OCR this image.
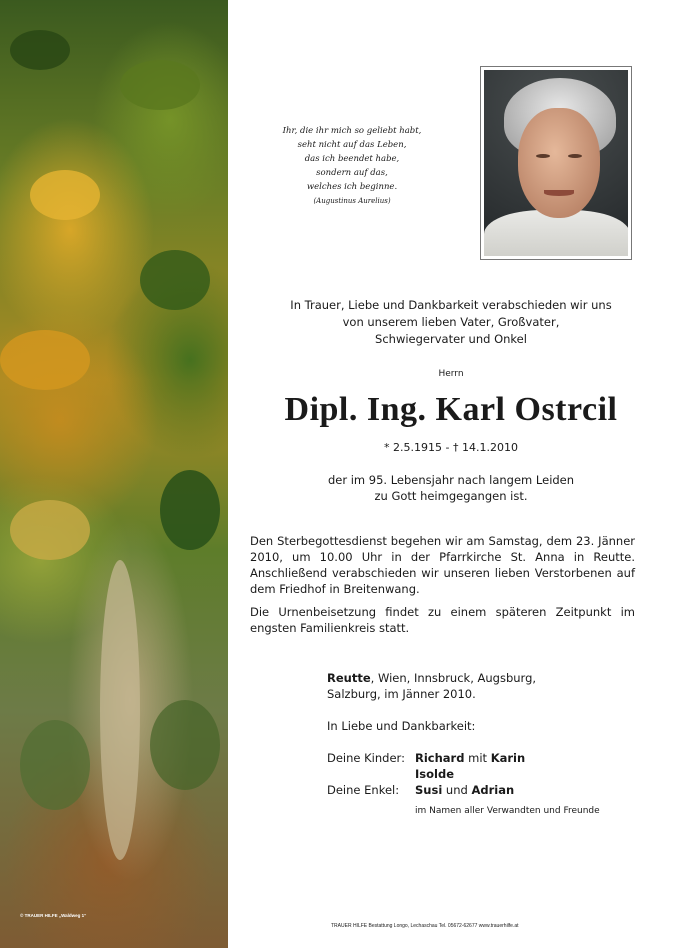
© TRAUER HILFE „Waldweg 1“
Ihr, die ihr mich so geliebt habt,
seht nicht auf das Leben,
das ich beendet habe,
sondern auf das,
welches ich beginne.
(Augustinus Aurelius)
In Trauer, Liebe und Dankbarkeit verabschieden wir uns
von unserem lieben Vater, Großvater,
Schwiegervater und Onkel
Herrn
Dipl. Ing. Karl Ostrcil
* 2.5.1915 - † 14.1.2010
der im 95. Lebensjahr nach langem Leiden
zu Gott heimgegangen ist.
Den Sterbegottesdienst begehen wir am Samstag, dem 23. Jänner 2010, um 10.00 Uhr in der Pfarrkirche St. Anna in Reutte. Anschließend verabschieden wir unseren lieben Verstorbenen auf dem Friedhof in Breitenwang.
Die Urnenbeisetzung findet zu einem späteren Zeitpunkt im engsten Familienkreis statt.
Reutte, Wien, Innsbruck, Augsburg,
Salzburg, im Jänner 2010.
In Liebe und Dankbarkeit:
Deine Kinder: Richard mit Karin
Isolde
Deine Enkel: Susi und Adrian
im Namen aller Verwandten und Freunde
TRAUER HILFE Bestattung Longo, Lechaschau Tel. 05672-62677 www.trauerhilfe.at
